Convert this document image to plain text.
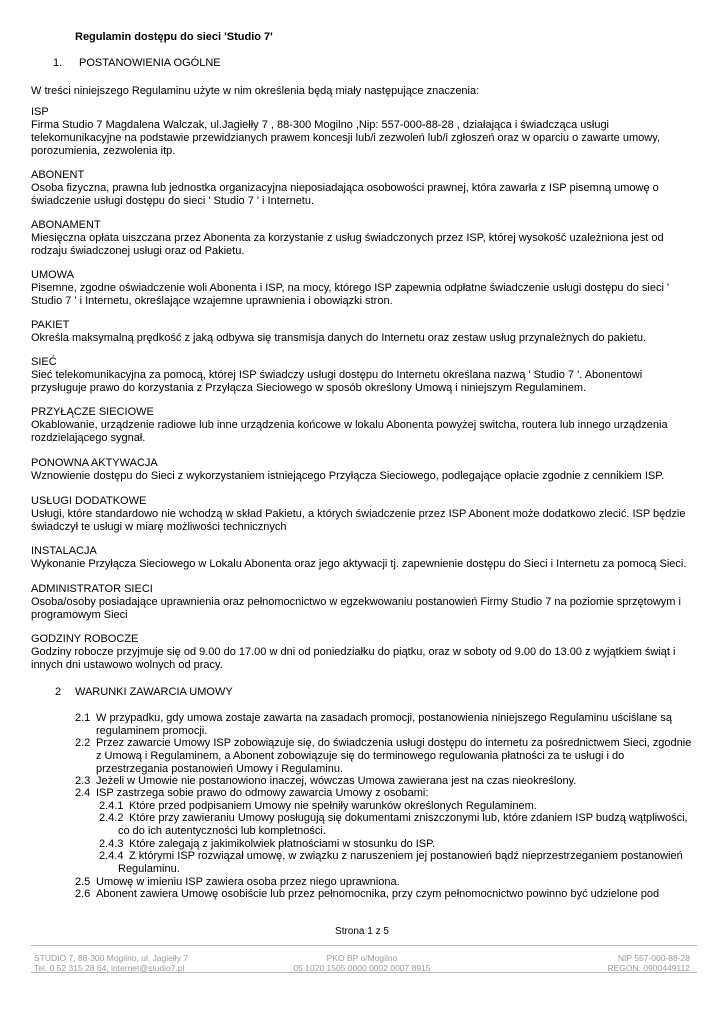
Regulamin dostępu do sieci 'Studio 7'
1. POSTANOWIENIA OGÓLNE
W treści niniejszego Regulaminu użyte w nim określenia będą miały następujące znaczenia:
ISP
Firma Studio 7 Magdalena Walczak, ul.Jagiełły 7 , 88-300 Mogilno ,Nip: 557-000-88-28 , działająca i świadcząca usługi
telekomunikacyjne na podstawie przewidzianych prawem koncesji lub/i zezwoleń lub/i zgłoszeń oraz w oparciu o zawarte umowy,
porozumienia, zezwolenia itp.
ABONENT
Osoba fizyczna, prawna lub jednostka organizacyjna nieposiadająca osobowości prawnej, która zawarła z ISP pisemną umowę o
świadczenie usługi dostępu do sieci ' Studio 7 ' i Internetu.
ABONAMENT
Miesięczna opłata uiszczana przez Abonenta za korzystanie z usług świadczonych przez ISP, której wysokość uzależniona jest od
rodzaju świadczonej usługi oraz od Pakietu.
UMOWA
Pisemne, zgodne oświadczenie woli Abonenta i ISP, na mocy, którego ISP zapewnia odpłatne świadczenie usługi dostępu do sieci '
Studio 7 ' i Internetu, określające wzajemne uprawnienia i obowiązki stron.
PAKIET
Określa maksymalną prędkość z jaką odbywa się transmisja danych do Internetu oraz zestaw usług przynależnych do pakietu.
SIEĆ
Sieć telekomunikacyjna za pomocą, której ISP świadczy usługi dostępu do Internetu określana nazwą ' Studio 7 '. Abonentowi
przysługuje prawo do korzystania z Przyłącza Sieciowego w sposób określony Umową i niniejszym Regulaminem.
PRZYŁĄCZE SIECIOWE
Okablowanie, urządzenie radiowe lub inne urządzenia końcowe w lokalu Abonenta powyżej switcha, routera lub innego urządzenia
rozdzielającego sygnał.
PONOWNA AKTYWACJA
Wznowienie dostępu do Sieci z wykorzystaniem istniejącego Przyłącza Sieciowego, podlegające opłacie zgodnie z cennikiem ISP.
USŁUGI DODATKOWE
Usługi, które standardowo nie wchodzą w skład Pakietu, a których świadczenie przez ISP Abonent może dodatkowo zlecić. ISP będzie
świadczył te usługi w miarę możliwości technicznych
INSTALACJA
Wykonanie Przyłącza Sieciowego w Lokalu Abonenta oraz jego aktywacji tj. zapewnienie dostępu do Sieci i Internetu za pomocą Sieci.
ADMINISTRATOR SIECI
Osoba/osoby posiadające uprawnienia oraz pełnomocnictwo w egzekwowaniu postanowień Firmy Studio 7 na poziomie sprzętowym i
programowym Sieci
GODZINY ROBOCZE
Godziny robocze przyjmuje się od 9.00 do 17.00 w dni od poniedziałku do piątku, oraz w soboty od 9.00 do 13.00 z wyjątkiem świąt i
innych dni ustawowo wolnych od pracy.
2 WARUNKI ZAWARCIA UMOWY
2.1 W przypadku, gdy umowa zostaje zawarta na zasadach promocji, postanowienia niniejszego Regulaminu uściślane są
regulaminem promocji.
2.2 Przez zawarcie Umowy ISP zobowiązuje się, do świadczenia usługi dostępu do internetu za pośrednictwem Sieci, zgodnie
z Umową i Regulaminem, a Abonent zobowiązuje się do terminowego regulowania płatności za te usługi i do
przestrzegania postanowień Umowy i Regulaminu.
2.3 Jeżeli w Umowie nie postanowiono inaczej, wówczas Umowa zawierana jest na czas nieokreślony.
2.4 ISP zastrzega sobie prawo do odmowy zawarcia Umowy z osobami:
2.4.1 Które przed podpisaniem Umowy nie spełniły warunków określonych Regulaminem.
2.4.2 Które przy zawieraniu Umowy posługują się dokumentami zniszczonymi lub, które zdaniem ISP budzą wątpliwości,
co do ich autentyczności lub kompletności.
2.4.3 Które zalegają z jakimikolwiek płatnościami w stosunku do ISP.
2.4.4 Z którymi ISP rozwiązał umowę, w związku z naruszeniem jej postanowień bądź nieprzestrzeganiem postanowień
Regulaminu.
2.5 Umowę w imieniu ISP zawiera osoba przez niego uprawniona.
2.6 Abonent zawiera Umowę osobiście lub przez pełnomocnika, przy czym pełnomocnictwo powinno być udzielone pod
Strona 1 z 5
STUDIO 7, 88-300 Mogilno, ul. Jagiełły 7
Tel. 0 52 315 28 64, internet@studio7.pl
PKO BP o/Mogilno
05 1020 1505 0000 0002 0007 8915
NIP 557-000-88-28
REGON: 0900449112
